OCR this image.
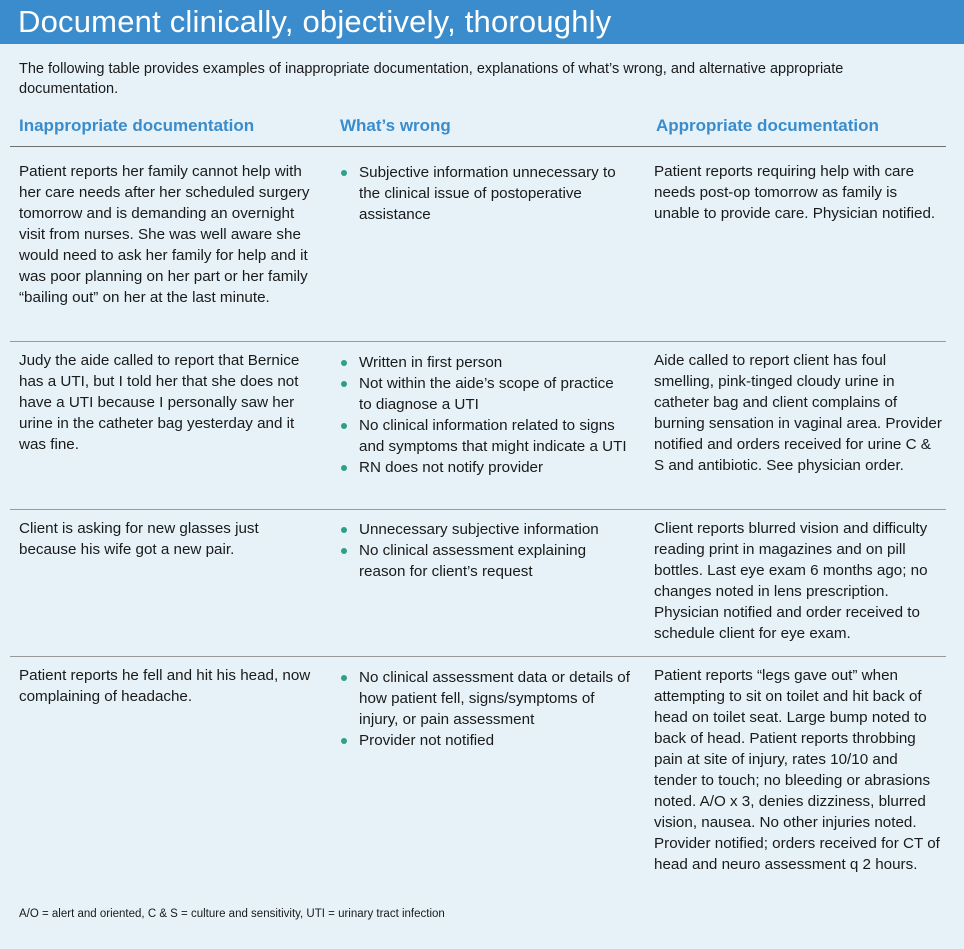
Document clinically, objectively, thoroughly
The following table provides examples of inappropriate documentation, explanations of what’s wrong, and alternative appropriate documentation.
Inappropriate documentation	What’s wrong	Appropriate documentation
Patient reports her family cannot help with her care needs after her scheduled surgery tomorrow and is demanding an overnight visit from nurses. She was well aware she would need to ask her family for help and it was poor planning on her part or her family “bailing out” on her at the last minute.
Subjective information unnecessary to the clinical issue of postoperative assistance
Patient reports requiring help with care needs post-op tomorrow as family is unable to provide care. Physician notified.
Judy the aide called to report that Bernice has a UTI, but I told her that she does not have a UTI because I personally saw her urine in the catheter bag yesterday and it was fine.
Written in first person
Not within the aide’s scope of practice to diagnose a UTI
No clinical information related to signs and symptoms that might indicate a UTI
RN does not notify provider
Aide called to report client has foul smelling, pink-tinged cloudy urine in catheter bag and client complains of burning sensation in vaginal area. Provider notified and orders received for urine C & S and antibiotic. See physician order.
Client is asking for new glasses just because his wife got a new pair.
Unnecessary subjective information
No clinical assessment explaining reason for client’s request
Client reports blurred vision and difficulty reading print in magazines and on pill bottles. Last eye exam 6 months ago; no changes noted in lens prescription. Physician notified and order received to schedule client for eye exam.
Patient reports he fell and hit his head, now complaining of headache.
No clinical assessment data or details of how patient fell, signs/symptoms of injury, or pain assessment
Provider not notified
Patient reports “legs gave out” when attempting to sit on toilet and hit back of head on toilet seat. Large bump noted to back of head. Patient reports throbbing pain at site of injury, rates 10/10 and tender to touch; no bleeding or abrasions noted. A/O x 3, denies dizziness, blurred vision, nausea. No other injuries noted. Provider notified; orders received for CT of head and neuro assessment q 2 hours.
A/O = alert and oriented, C & S = culture and sensitivity, UTI = urinary tract infection
